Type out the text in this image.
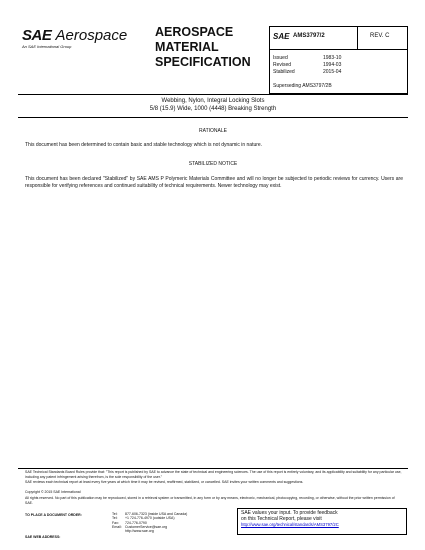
SAE Aerospace
An SAE International Group
AEROSPACE
MATERIAL
SPECIFICATION
SAE AMS3797/2	REV. C
Issued	1983-10
Revised	1994-03
Stabilized	2015-04
Superseding AMS3797/2B
Webbing, Nylon, Integral Locking Slots
5/8 (15.9) Wide, 1000 (4448) Breaking Strength
RATIONALE
This document has been determined to contain basic and stable technology which is not dynamic in nature.
STABILIZED NOTICE
This document has been declared "Stabilized" by SAE AMS P Polymeric Materials Committee and will no longer be subjected to periodic reviews for currency. Users are responsible for verifying references and continued suitability of technical requirements. Newer technology may exist.
SAE Technical Standards Board Rules provide that: "This report is published by SAE to advance the state of technical and engineering sciences. The use of this report is entirely voluntary, and its applicability and suitability for any particular use, including any patent infringement arising therefrom, is the sole responsibility of the user."
SAE reviews each technical report at least every five years at which time it may be revised, reaffirmed, stabilized, or cancelled. SAE invites your written comments and suggestions.
Copyright © 2015 SAE International
All rights reserved. No part of this publication may be reproduced, stored in a retrieval system or transmitted, in any form or by any means, electronic, mechanical, photocopying, recording, or otherwise, without the prior written permission of SAE.
TO PLACE A DOCUMENT ORDER:	Tel:	877-606-7323 (inside USA and Canada)
Tel:	+1 724-776-4970 (outside USA)
Fax:	724-776-0790
Email: CustomerService@sae.org
http://www.sae.org
SAE WEB ADDRESS:
SAE values your input. To provide feedback
on this Technical Report, please visit
http://www.sae.org/technical/standards/AMS3797/2C
